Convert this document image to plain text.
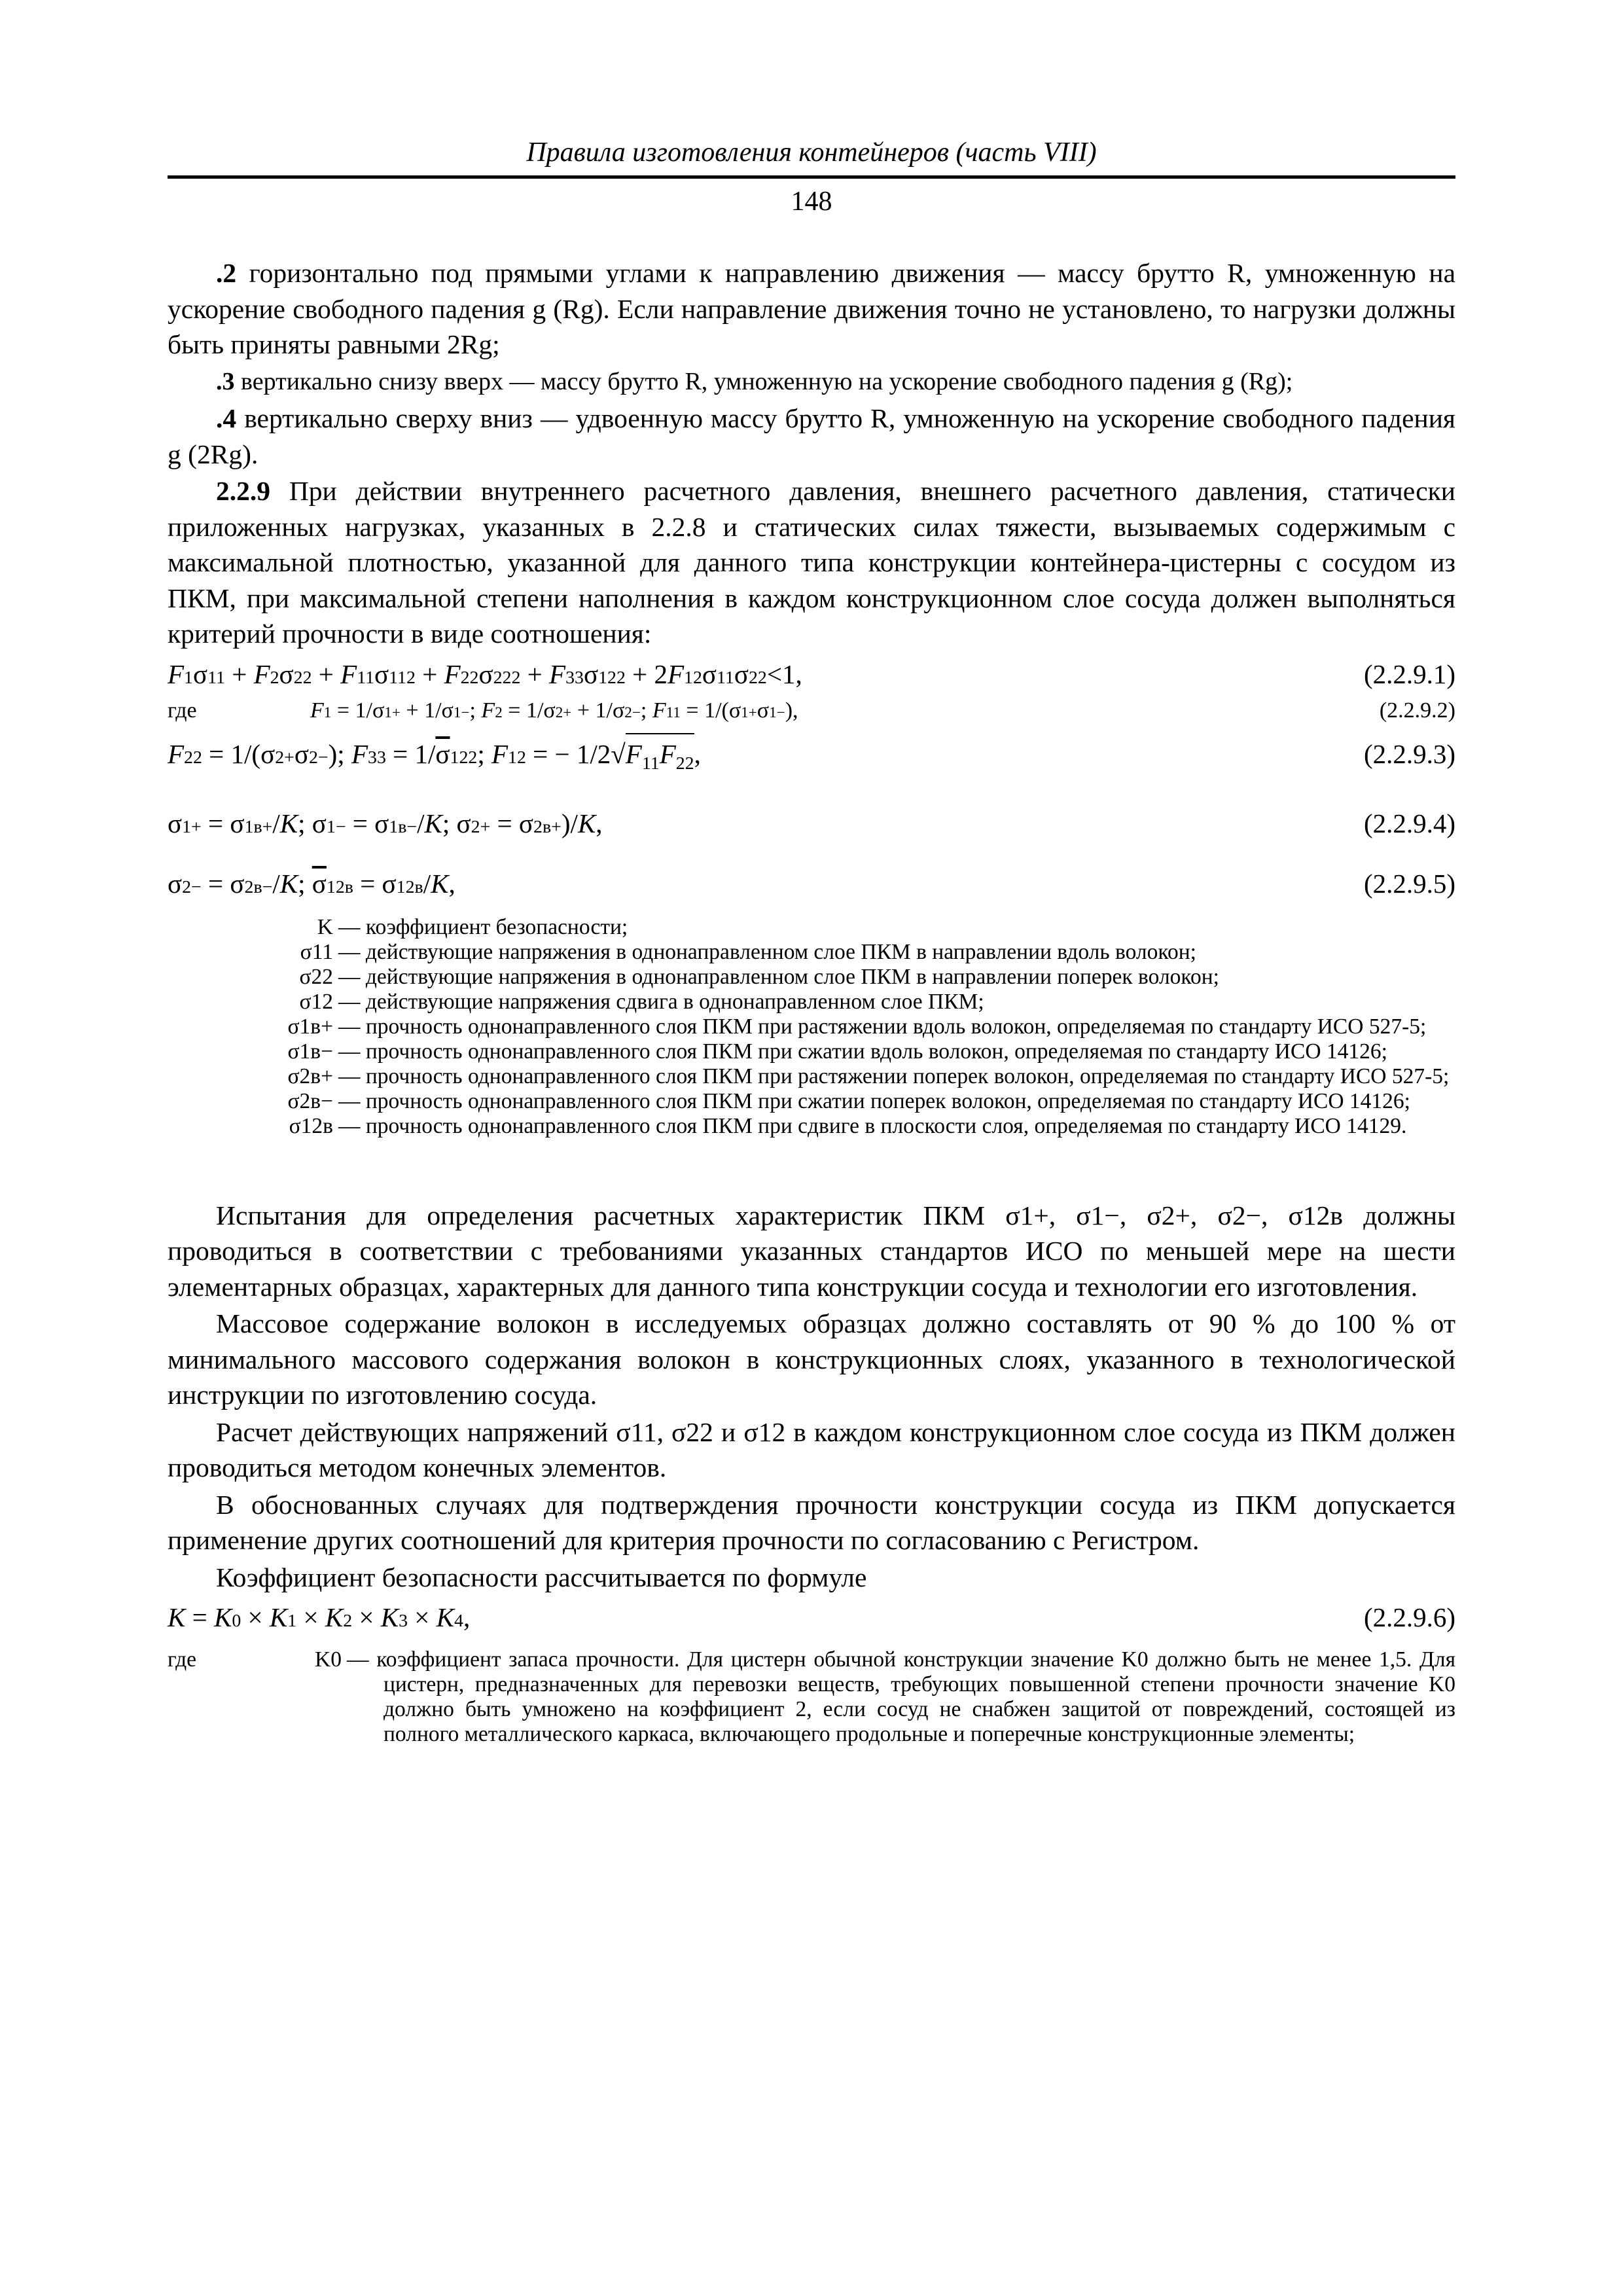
Правила изготовления контейнеров (часть VIII)
148

.2 горизонтально под прямыми углами к направлению движения — массу брутто R, умноженную на ускорение свободного падения g (Rg). Если направление движения точно не установлено, то нагрузки должны быть приняты равными 2Rg;

.3 вертикально снизу вверх — массу брутто R, умноженную на ускорение свободного падения g (Rg);

.4 вертикально сверху вниз — удвоенную массу брутто R, умноженную на ускорение свободного падения g (2Rg).

2.2.9 При действии внутреннего расчетного давления, внешнего расчетного давления, статически приложенных нагрузках, указанных в 2.2.8 и статических силах тяжести, вызываемых содержимым с максимальной плотностью, указанной для данного типа конструкции контейнера-цистерны с сосудом из ПКМ, при максимальной степени наполнения в каждом конструкционном слое сосуда должен выполняться критерий прочности в виде соотношения:

F 1 σ 11 + F 2 σ 22 + F 11 σ 11 2 + F 22 σ 22 2 + F 33 σ 12 2 + 2 F 12 σ 11 σ 22 <1,	(2.2.9.1)
где	F 1 = 1/σ 1 + + 1/σ 1 − ; F 2 = 1/σ 2 + + 1/σ 2 − ; F 11 = 1/(σ 1 + σ 1 − ),	(2.2.9.2)
F 22 = 1/(σ 2 + σ 2 − ); F 33 = 1/ $\overline{\sigma}$ 12 2 ; F 12 = − 1/2 √ $F_{11}F_{22}$ ,	(2.2.9.3)
σ 1 + = σ 1в + / K ; σ 1 − = σ 1в − / K ; σ 2 + = σ 2в + )/ K ,	(2.2.9.4)
σ 2 − = σ 2в − / K ; $\overline{\sigma}$ 12в = σ 12в / K ,	(2.2.9.5)
K — коэффициент безопасности;
σ11 — действующие напряжения в однонаправленном слое ПКМ в направлении вдоль волокон;
σ22 — действующие напряжения в однонаправленном слое ПКМ в направлении поперек волокон;
σ12 — действующие напряжения сдвига в однонаправленном слое ПКМ;
σ1в+ — прочность однонаправленного слоя ПКМ при растяжении вдоль волокон, определяемая по стандарту ИСО 527-5;
σ1в− — прочность однонаправленного слоя ПКМ при сжатии вдоль волокон, определяемая по стандарту ИСО 14126;
σ2в+ — прочность однонаправленного слоя ПКМ при растяжении поперек волокон, определяемая по стандарту ИСО 527-5;
σ2в− — прочность однонаправленного слоя ПКМ при сжатии поперек волокон, определяемая по стандарту ИСО 14126;
σ12в — прочность однонаправленного слоя ПКМ при сдвиге в плоскости слоя, определяемая по стандарту ИСО 14129.

Испытания для определения расчетных характеристик ПКМ σ1+, σ1−, σ2+, σ2−, σ12в должны проводиться в соответствии с требованиями указанных стандартов ИСО по меньшей мере на шести элементарных образцах, характерных для данного типа конструкции сосуда и технологии его изготовления.

Массовое содержание волокон в исследуемых образцах должно составлять от 90 % до 100 % от минимального массового содержания волокон в конструкционных слоях, указанного в технологической инструкции по изготовлению сосуда.

Расчет действующих напряжений σ11, σ22 и σ12 в каждом конструкционном слое сосуда из ПКМ должен проводиться методом конечных элементов.

В обоснованных случаях для подтверждения прочности конструкции сосуда из ПКМ допускается применение других соотношений для критерия прочности по согласованию с Регистром.

Коэффициент безопасности рассчитывается по формуле

K = K 0 × K 1 × K 2 × K 3 × K 4 ,	(2.2.9.6)
где	K0 — коэффициент запаса прочности. Для цистерн обычной конструкции значение K0 должно быть не менее 1,5. Для цистерн, предназначенных для перевозки веществ, требующих повышенной степени прочности значение K0 должно быть умножено на коэффициент 2, если сосуд не снабжен защитой от повреждений, состоящей из полного металлического каркаса, включающего продольные и поперечные конструкционные элементы;
